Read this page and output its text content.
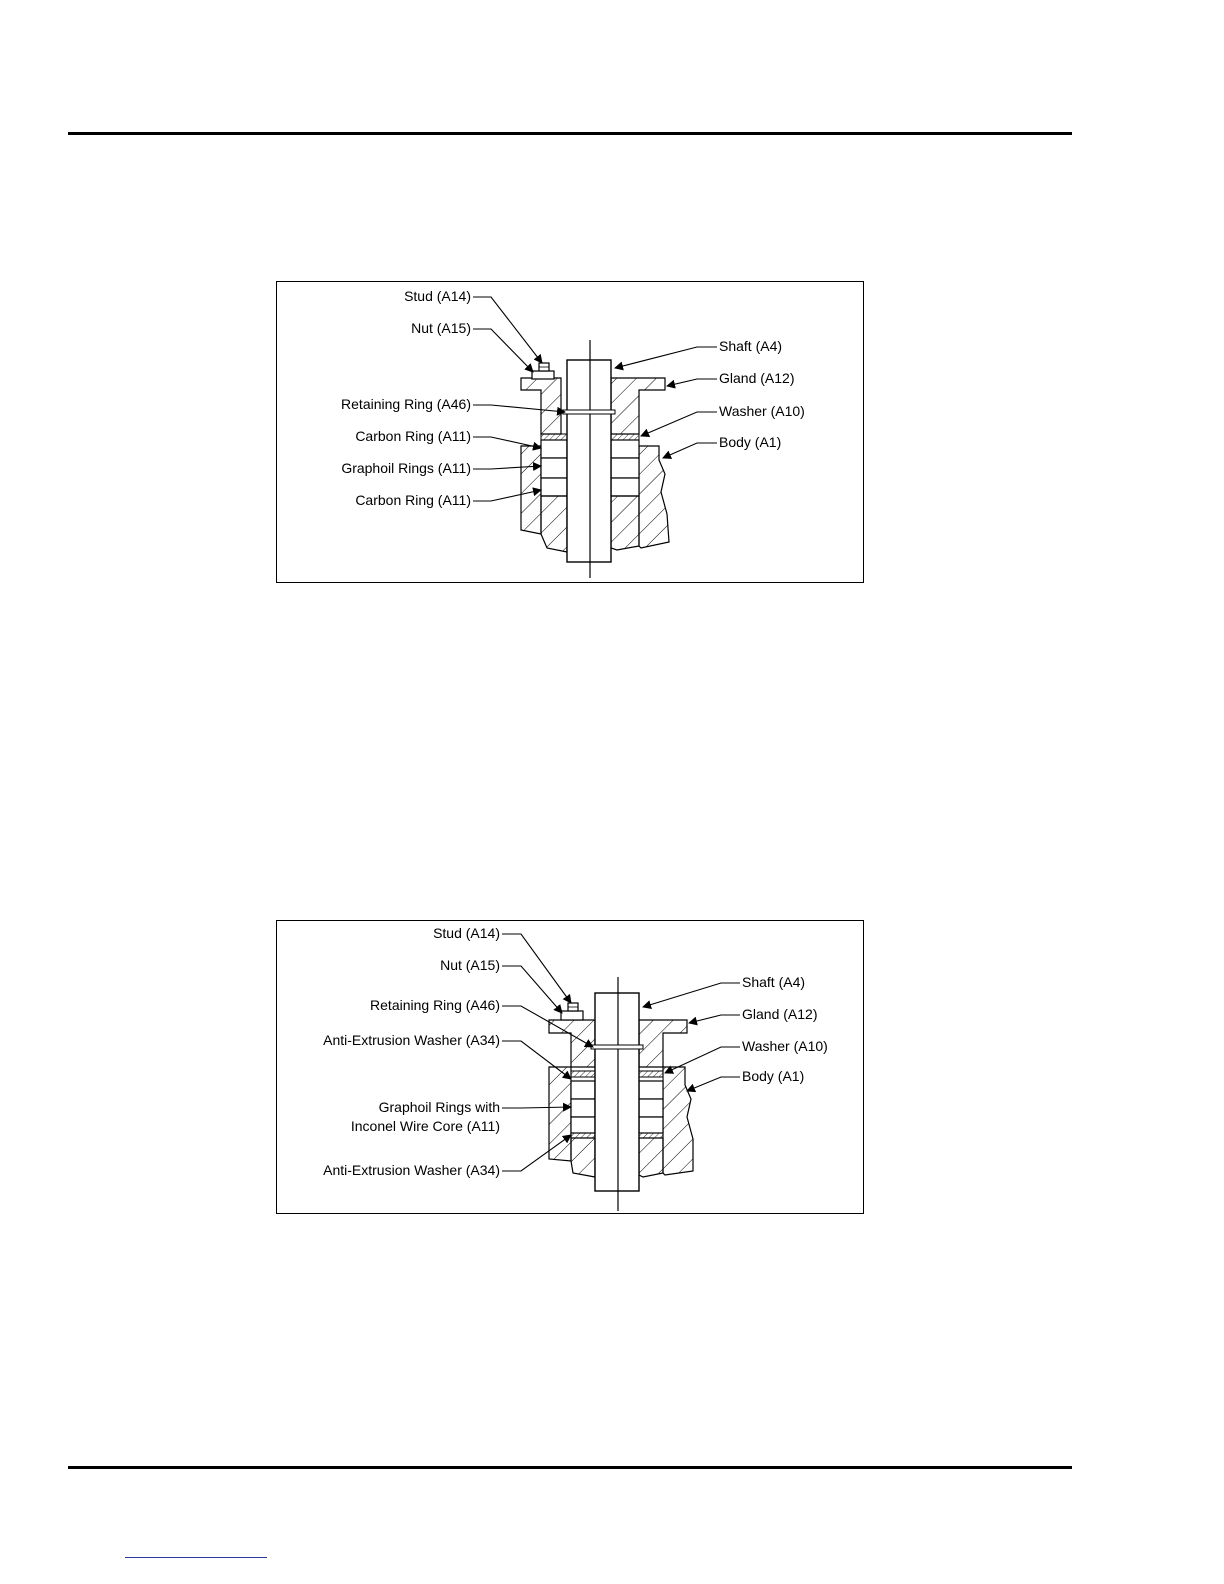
Stud (A14)
Nut (A15)
Retaining Ring (A46)
Carbon Ring (A11)
Graphoil Rings (A11)
Carbon Ring (A11)
Shaft (A4)
Gland (A12)
Washer (A10)
Body (A1)
Stud (A14)
Nut (A15)
Retaining Ring (A46)
Anti-Extrusion Washer (A34)
Graphoil Rings with
Inconel Wire Core (A11)
Anti-Extrusion Washer (A34)
Shaft (A4)
Gland (A12)
Washer (A10)
Body (A1)
